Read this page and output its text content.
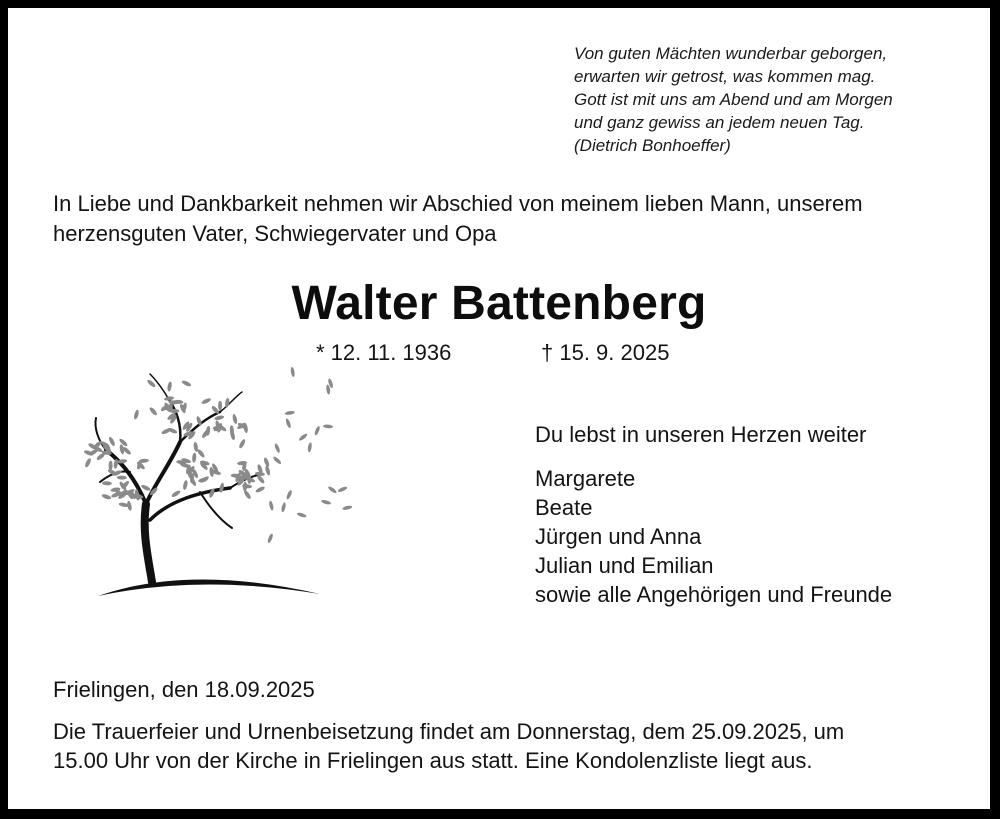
Von guten Mächten wunderbar geborgen,
erwarten wir getrost, was kommen mag.
Gott ist mit uns am Abend und am Morgen
und ganz gewiss an jedem neuen Tag.
(Dietrich Bonhoeffer)
In Liebe und Dankbarkeit nehmen wir Abschied von meinem lieben Mann, unserem
herzensguten Vater, Schwiegervater und Opa
Walter Battenberg
* 12. 11. 1936	† 15. 9. 2025
Du lebst in unseren Herzen weiter
Margarete
Beate
Jürgen und Anna
Julian und Emilian
sowie alle Angehörigen und Freunde
Frielingen, den 18.09.2025
Die Trauerfeier und Urnenbeisetzung findet am Donnerstag, dem 25.09.2025, um
15.00 Uhr von der Kirche in Frielingen aus statt. Eine Kondolenzliste liegt aus.
